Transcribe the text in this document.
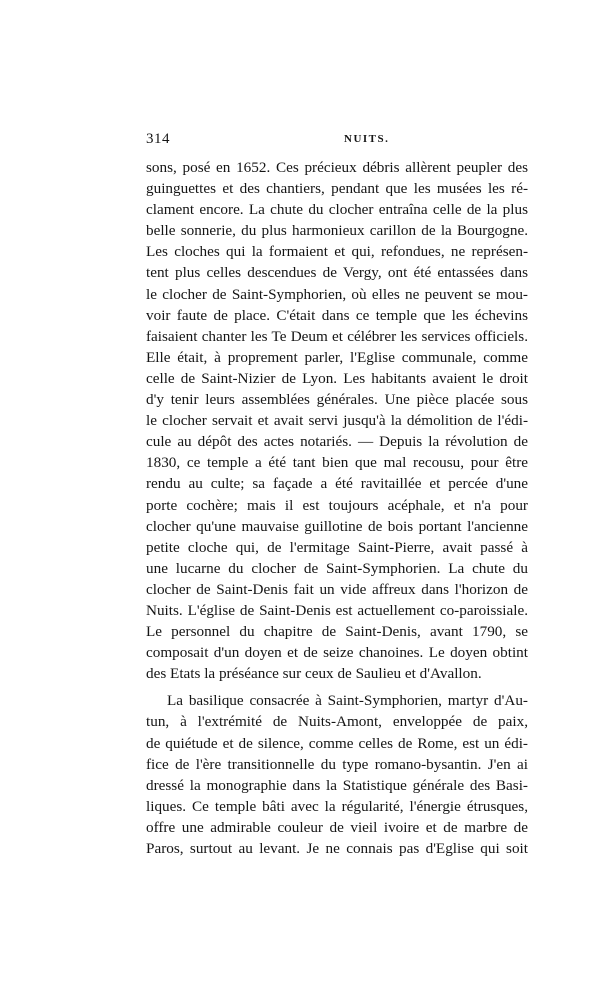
314	NUITS.
sons, posé en 1652. Ces précieux débris allèrent peupler des
guinguettes et des chantiers, pendant que les musées les ré-
clament encore. La chute du clocher entraîna celle de la plus
belle sonnerie, du plus harmonieux carillon de la Bourgogne.
Les cloches qui la formaient et qui, refondues, ne représen-
tent plus celles descendues de Vergy, ont été entassées dans
le clocher de Saint-Symphorien, où elles ne peuvent se mou-
voir faute de place. C'était dans ce temple que les échevins
faisaient chanter les Te Deum et célébrer les services officiels.
Elle était, à proprement parler, l'Eglise communale, comme
celle de Saint-Nizier de Lyon. Les habitants avaient le droit
d'y tenir leurs assemblées générales. Une pièce placée sous
le clocher servait et avait servi jusqu'à la démolition de l'édi-
cule au dépôt des actes notariés. — Depuis la révolution de
1830, ce temple a été tant bien que mal recousu, pour être
rendu au culte; sa façade a été ravitaillée et percée d'une
porte cochère; mais il est toujours acéphale, et n'a pour
clocher qu'une mauvaise guillotine de bois portant l'ancienne
petite cloche qui, de l'ermitage Saint-Pierre, avait passé à
une lucarne du clocher de Saint-Symphorien. La chute du
clocher de Saint-Denis fait un vide affreux dans l'horizon de
Nuits. L'église de Saint-Denis est actuellement co-paroissiale.
Le personnel du chapitre de Saint-Denis, avant 1790, se
composait d'un doyen et de seize chanoines. Le doyen obtint
des Etats la préséance sur ceux de Saulieu et d'Avallon.
La basilique consacrée à Saint-Symphorien, martyr d'Au-
tun, à l'extrémité de Nuits-Amont, enveloppée de paix,
de quiétude et de silence, comme celles de Rome, est un édi-
fice de l'ère transitionnelle du type romano-bysantin. J'en ai
dressé la monographie dans la Statistique générale des Basi-
liques. Ce temple bâti avec la régularité, l'énergie étrusques,
offre une admirable couleur de vieil ivoire et de marbre de
Paros, surtout au levant. Je ne connais pas d'Eglise qui soit
